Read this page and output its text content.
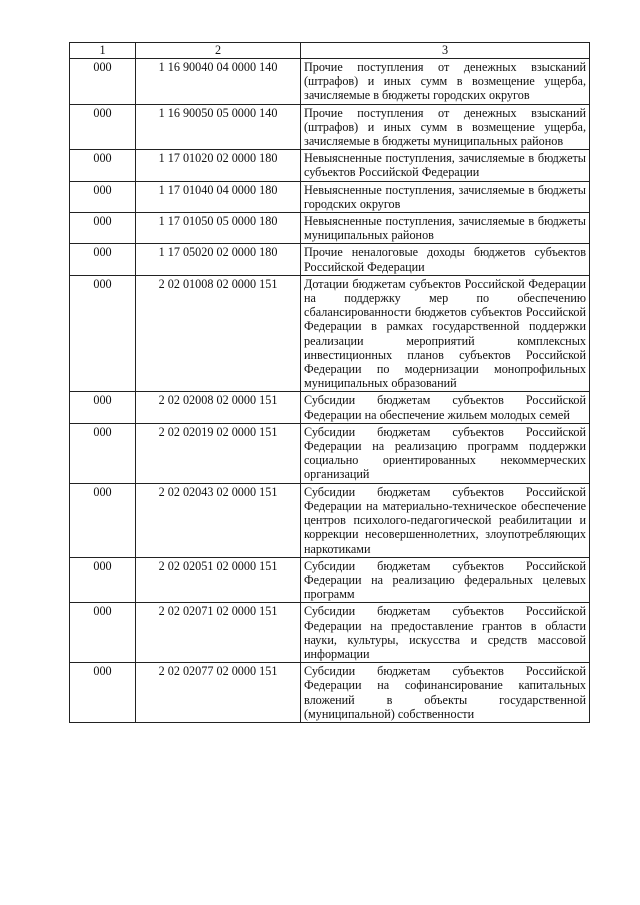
1	2	3
000	1 16 90040 04 0000 140	Прочие поступления от денежных взысканий (штрафов) и иных сумм в возмещение ущерба, зачисляемые в бюджеты городских округов
000	1 16 90050 05 0000 140	Прочие поступления от денежных взысканий (штрафов) и иных сумм в возмещение ущерба, зачисляемые в бюджеты муниципальных районов
000	1 17 01020 02 0000 180	Невыясненные поступления, зачисляемые в бюджеты субъектов Российской Федерации
000	1 17 01040 04 0000 180	Невыясненные поступления, зачисляемые в бюджеты городских округов
000	1 17 01050 05 0000 180	Невыясненные поступления, зачисляемые в бюджеты муниципальных районов
000	1 17 05020 02 0000 180	Прочие неналоговые доходы бюджетов субъектов Российской Федерации
000	2 02 01008 02 0000 151	Дотации бюджетам субъектов Российской Федерации на поддержку мер по обеспечению сбалансированности бюджетов субъектов Российской Федерации в рамках государственной поддержки реализации мероприятий комплексных инвестиционных планов субъектов Российской Федерации по модернизации монопрофильных муниципальных образований
000	2 02 02008 02 0000 151	Субсидии бюджетам субъектов Российской Федерации на обеспечение жильем молодых семей
000	2 02 02019 02 0000 151	Субсидии бюджетам субъектов Российской Федерации на реализацию программ поддержки социально ориентированных некоммерческих организаций
000	2 02 02043 02 0000 151	Субсидии бюджетам субъектов Российской Федерации на материально-техническое обеспечение центров психолого-педагогической реабилитации и коррекции несовершеннолетних, злоупотребляющих наркотиками
000	2 02 02051 02 0000 151	Субсидии бюджетам субъектов Российской Федерации на реализацию федеральных целевых программ
000	2 02 02071 02 0000 151	Субсидии бюджетам субъектов Российской Федерации на предоставление грантов в области науки, культуры, искусства и средств массовой информации
000	2 02 02077 02 0000 151	Субсидии бюджетам субъектов Российской Федерации на софинансирование капитальных вложений в объекты государственной (муниципальной) собственности
